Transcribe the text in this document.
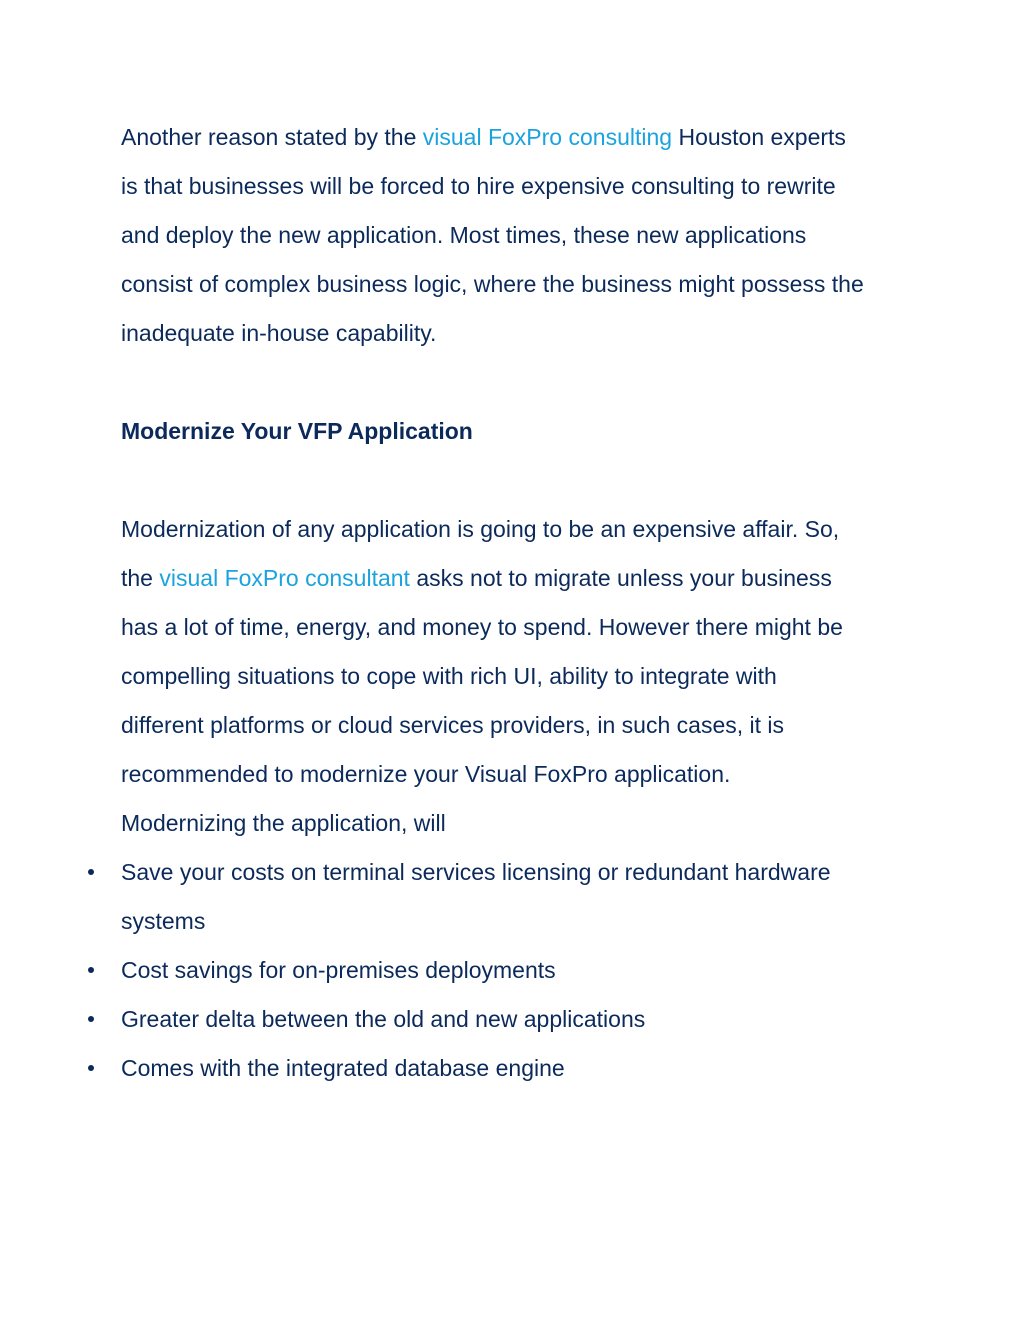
Another reason stated by the visual FoxPro consulting Houston experts

is that businesses will be forced to hire expensive consulting to rewrite

and deploy the new application. Most times, these new applications

consist of complex business logic, where the business might possess the

inadequate in-house capability.

Modernize Your VFP Application

Modernization of any application is going to be an expensive affair. So,

the visual FoxPro consultant asks not to migrate unless your business

has a lot of time, energy, and money to spend. However there might be

compelling situations to cope with rich UI, ability to integrate with

different platforms or cloud services providers, in such cases, it is

recommended to modernize your Visual FoxPro application.

Modernizing the application, will

Save your costs on terminal services licensing or redundant hardware

systems

Cost savings for on-premises deployments

Greater delta between the old and new applications

Comes with the integrated database engine
